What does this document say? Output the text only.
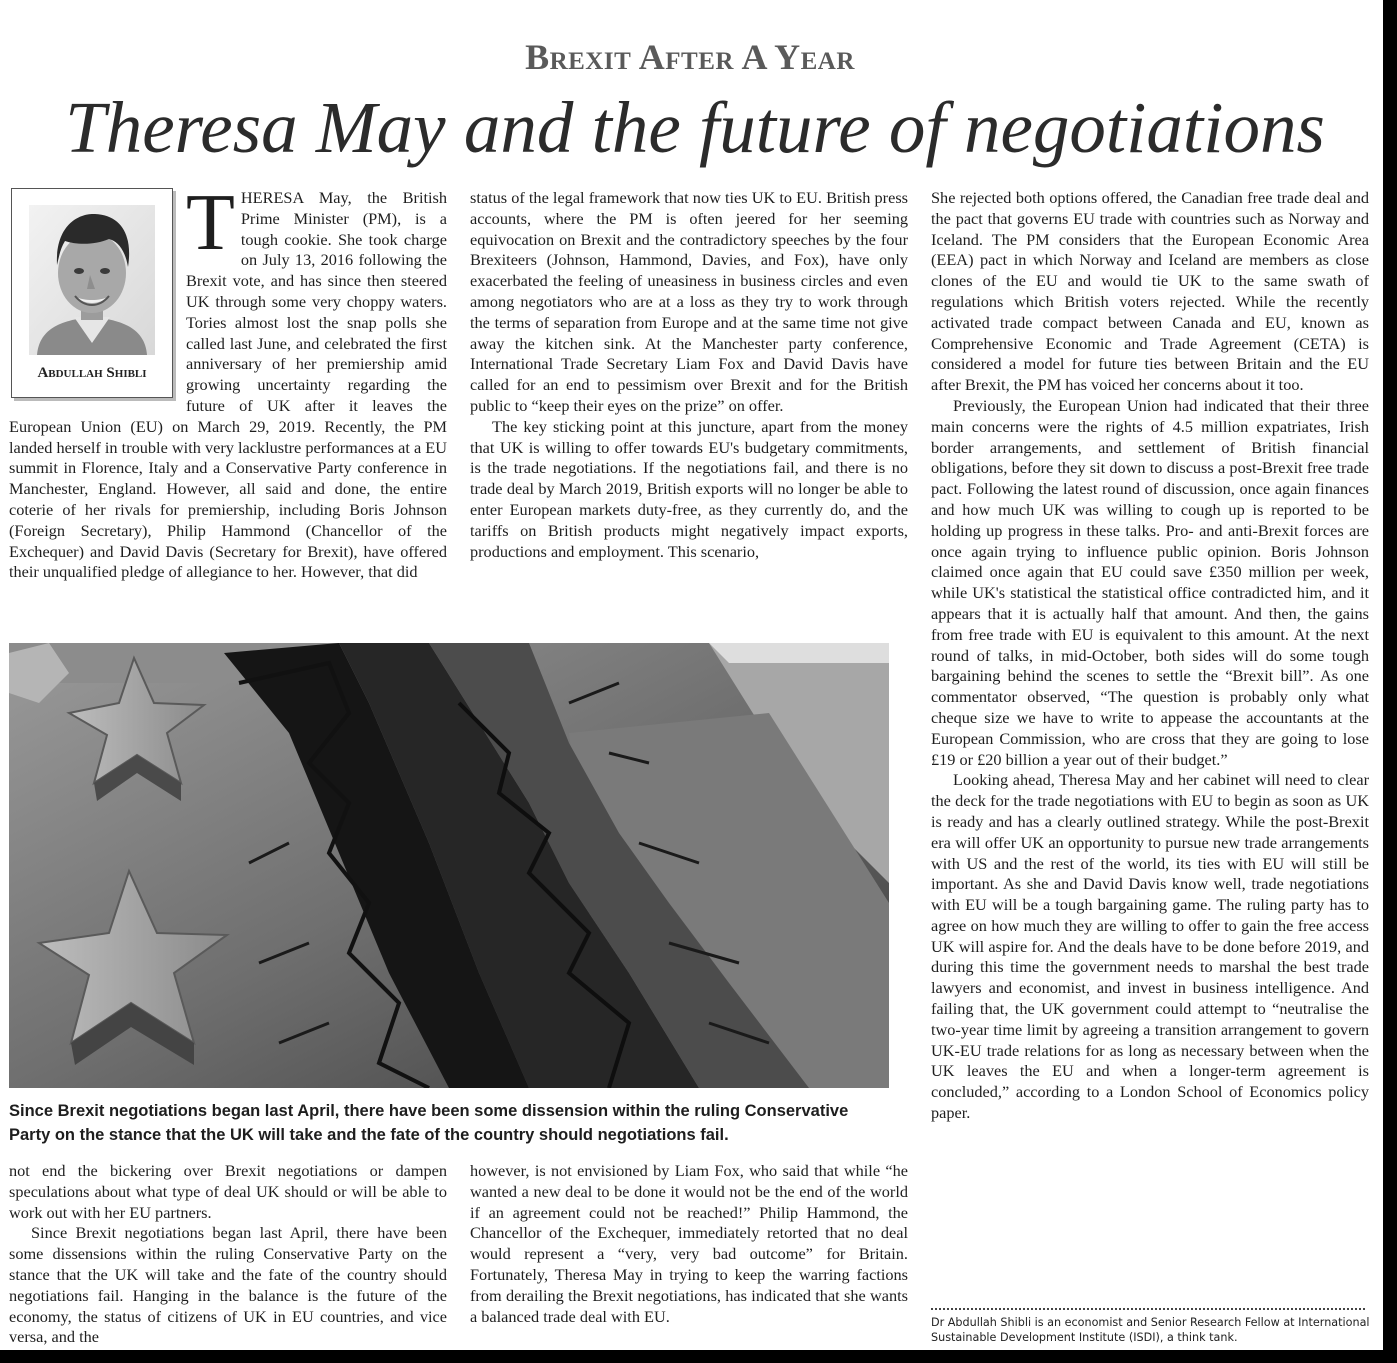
Brexit After A Year
Theresa May and the future of negotiations
Abdullah Shibli

THERESA May, the British Prime Minister (PM), is a tough cookie. She took charge on July 13, 2016 following the Brexit vote, and has since then steered UK through some very choppy waters. Tories almost lost the snap polls she called last June, and celebrated the first anniversary of her premiership amid growing uncertainty regarding the future of UK after it leaves the European Union (EU) on March 29, 2019. Recently, the PM landed herself in trouble with very lacklustre performances at a EU summit in Florence, Italy and a Conservative Party conference in Manchester, England. However, all said and done, the entire coterie of her rivals for premiership, including Boris Johnson (Foreign Secretary), Philip Hammond (Chancellor of the Exchequer) and David Davis (Secretary for Brexit), have offered their unqualified pledge of allegiance to her. However, that did

status of the legal framework that now ties UK to EU. British press accounts, where the PM is often jeered for her seeming equivocation on Brexit and the contradictory speeches by the four Brexiteers (Johnson, Hammond, Davies, and Fox), have only exacerbated the feeling of uneasiness in business circles and even among negotiators who are at a loss as they try to work through the terms of separation from Europe and at the same time not give away the kitchen sink. At the Manchester party conference, International Trade Secretary Liam Fox and David Davis have called for an end to pessimism over Brexit and for the British public to “keep their eyes on the prize” on offer.

The key sticking point at this juncture, apart from the money that UK is willing to offer towards EU's budgetary commitments, is the trade negotiations. If the negotiations fail, and there is no trade deal by March 2019, British exports will no longer be able to enter European markets duty-free, as they currently do, and the tariffs on British products might negatively impact exports, productions and employment. This scenario,

She rejected both options offered, the Canadian free trade deal and the pact that governs EU trade with countries such as Norway and Iceland. The PM considers that the European Economic Area (EEA) pact in which Norway and Iceland are members as close clones of the EU and would tie UK to the same swath of regulations which British voters rejected. While the recently activated trade compact between Canada and EU, known as Comprehensive Economic and Trade Agreement (CETA) is considered a model for future ties between Britain and the EU after Brexit, the PM has voiced her concerns about it too.

Previously, the European Union had indicated that their three main concerns were the rights of 4.5 million expatriates, Irish border arrangements, and settlement of British financial obligations, before they sit down to discuss a post-Brexit free trade pact. Following the latest round of discussion, once again finances and how much UK was willing to cough up is reported to be holding up progress in these talks. Pro- and anti-Brexit forces are once again trying to influence public opinion. Boris Johnson claimed once again that EU could save £350 million per week, while UK's statistical the statistical office contradicted him, and it appears that it is actually half that amount. And then, the gains from free trade with EU is equivalent to this amount. At the next round of talks, in mid-October, both sides will do some tough bargaining behind the scenes to settle the “Brexit bill”. As one commentator observed, “The question is probably only what cheque size we have to write to appease the accountants at the European Commission, who are cross that they are going to lose £19 or £20 billion a year out of their budget.”

Looking ahead, Theresa May and her cabinet will need to clear the deck for the trade negotiations with EU to begin as soon as UK is ready and has a clearly outlined strategy. While the post-Brexit era will offer UK an opportunity to pursue new trade arrangements with US and the rest of the world, its ties with EU will still be important. As she and David Davis know well, trade negotiations with EU will be a tough bargaining game. The ruling party has to agree on how much they are willing to offer to gain the free access UK will aspire for. And the deals have to be done before 2019, and during this time the government needs to marshal the best trade lawyers and economist, and invest in business intelligence. And failing that, the UK government could attempt to “neutralise the two-year time limit by agreeing a transition arrangement to govern UK-EU trade relations for as long as necessary between when the UK leaves the EU and when a longer-term agreement is concluded,” according to a London School of Economics policy paper.

Since Brexit negotiations began last April, there have been some dissension within the ruling Conservative Party on the stance that the UK will take and the fate of the country should negotiations fail.

not end the bickering over Brexit negotiations or dampen speculations about what type of deal UK should or will be able to work out with her EU partners.

Since Brexit negotiations began last April, there have been some dissensions within the ruling Conservative Party on the stance that the UK will take and the fate of the country should negotiations fail. Hanging in the balance is the future of the economy, the status of citizens of UK in EU countries, and vice versa, and the

however, is not envisioned by Liam Fox, who said that while “he wanted a new deal to be done it would not be the end of the world if an agreement could not be reached!” Philip Hammond, the Chancellor of the Exchequer, immediately retorted that no deal would represent a “very, very bad outcome” for Britain. Fortunately, Theresa May in trying to keep the warring factions from derailing the Brexit negotiations, has indicated that she wants a balanced trade deal with EU.	Dr Abdullah Shibli is an economist and Senior Research Fellow at International Sustainable Development Institute (ISDI), a think tank.
